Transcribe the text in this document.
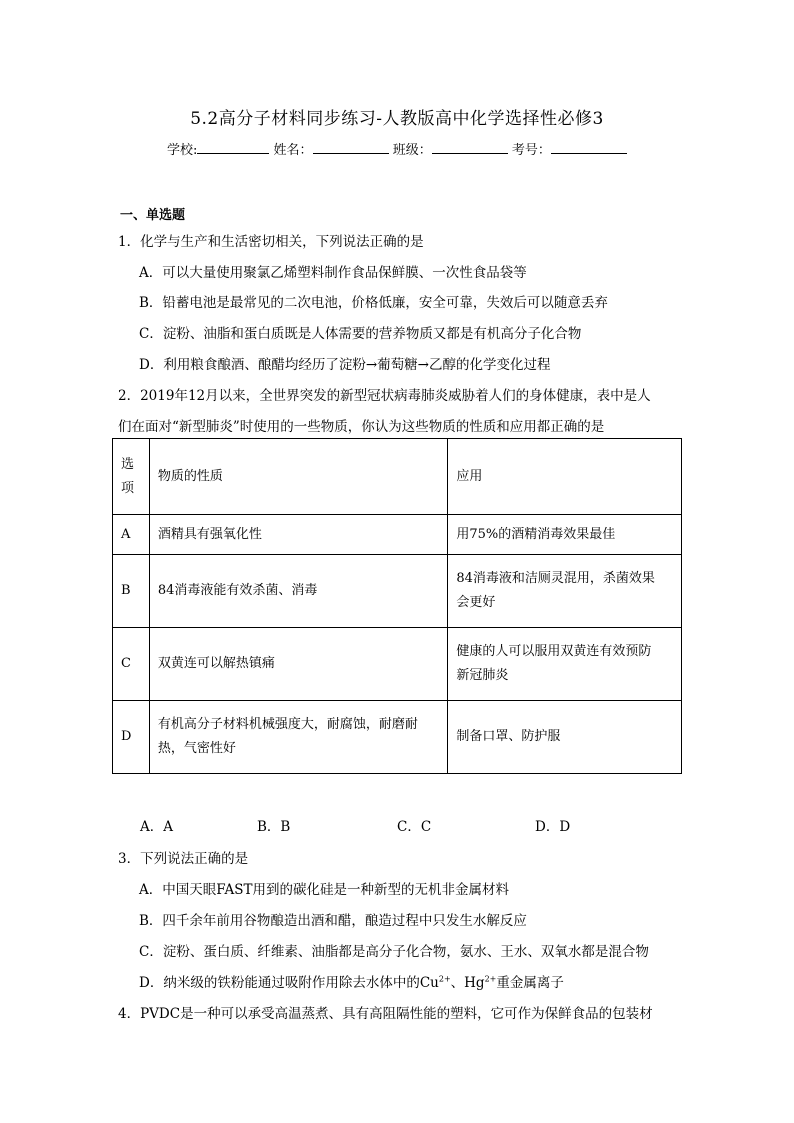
5.2高分子材料同步练习-人教版高中化学选择性必修3
学校:	姓名：	班级：	考号：
一、单选题
1．化学与生产和生活密切相关，下列说法正确的是
A．可以大量使用聚氯乙烯塑料制作食品保鲜膜、一次性食品袋等
B．铅蓄电池是最常见的二次电池，价格低廉，安全可靠，失效后可以随意丢弃
C．淀粉、油脂和蛋白质既是人体需要的营养物质又都是有机高分子化合物
D．利用粮食酿酒、酿醋均经历了淀粉→葡萄糖→乙醇的化学变化过程
2．2019年12月以来，全世界突发的新型冠状病毒肺炎威胁着人们的身体健康，表中是人
们在面对“新型肺炎”时使用的一些物质，你认为这些物质的性质和应用都正确的是
选
项	物质的性质	应用
A	酒精具有强氧化性	用75%的酒精消毒效果最佳
B	84消毒液能有效杀菌、消毒	84消毒液和洁厕灵混用，杀菌效果
会更好
C	双黄连可以解热镇痛	健康的人可以服用双黄连有效预防
新冠肺炎
D	有机高分子材料机械强度大，耐腐蚀，耐磨耐
热，气密性好	制备口罩、防护服
A．A	B．B	C．C	D．D
3．下列说法正确的是
A．中国天眼FAST用到的碳化硅是一种新型的无机非金属材料
B．四千余年前用谷物酿造出酒和醋，酿造过程中只发生水解反应
C．淀粉、蛋白质、纤维素、油脂都是高分子化合物，氨水、王水、双氧水都是混合物
D．纳米级的铁粉能通过吸附作用除去水体中的$Cu^{2+}$、$Hg^{2+}$重金属离子
4．PVDC是一种可以承受高温蒸煮、具有高阻隔性能的塑料，它可作为保鲜食品的包装材
